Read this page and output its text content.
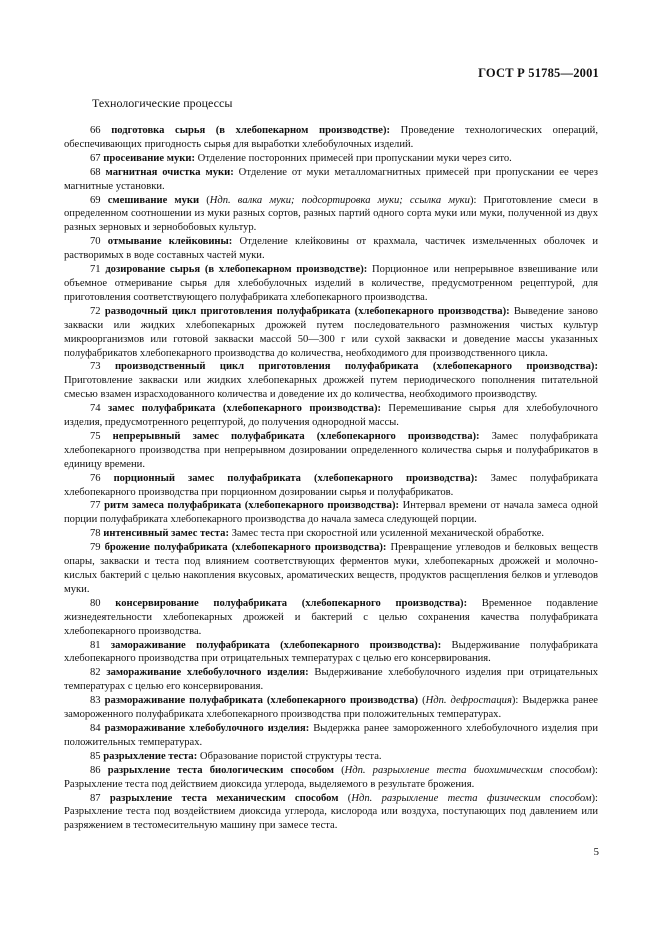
ГОСТ Р 51785—2001
Технологические процессы

66 подготовка сырья (в хлебопекарном производстве): Проведение технологических операций, обеспечивающих пригодность сырья для выработки хлебобулочных изделий.

67 просеивание муки: Отделение посторонних примесей при пропускании муки через сито.

68 магнитная очистка муки: Отделение от муки металломагнитных примесей при пропускании ее через магнитные установки.

69 смешивание муки (Ндп. валка муки; подсортировка муки; ссылка муки): Приготовление смеси в определенном соотношении из муки разных сортов, разных партий одного сорта муки или муки, полученной из двух разных зерновых и зернобобовых культур.

70 отмывание клейковины: Отделение клейковины от крахмала, частичек измельченных оболочек и растворимых в воде составных частей муки.

71 дозирование сырья (в хлебопекарном производстве): Порционное или непрерывное взвешивание или объемное отмеривание сырья для хлебобулочных изделий в количестве, предусмотренном рецептурой, для приготовления соответствующего полуфабриката хлебопекарного производства.

72 разводочный цикл приготовления полуфабриката (хлебопекарного производства): Выведение заново закваски или жидких хлебопекарных дрожжей путем последовательного размножения чистых культур микроорганизмов или готовой закваски массой 50—300 г или сухой закваски и доведение массы указанных полуфабрикатов хлебопекарного производства до количества, необходимого для производственного цикла.

73 производственный цикл приготовления полуфабриката (хлебопекарного производства): Приготовление закваски или жидких хлебопекарных дрожжей путем периодического пополнения питательной смесью взамен израсходованного количества и доведение их до количества, необходимого производству.

74 замес полуфабриката (хлебопекарного производства): Перемешивание сырья для хлебобулочного изделия, предусмотренного рецептурой, до получения однородной массы.

75 непрерывный замес полуфабриката (хлебопекарного производства): Замес полуфабриката хлебопекарного производства при непрерывном дозировании определенного количества сырья и полуфабрикатов в единицу времени.

76 порционный замес полуфабриката (хлебопекарного производства): Замес полуфабриката хлебопекарного производства при порционном дозировании сырья и полуфабрикатов.

77 ритм замеса полуфабриката (хлебопекарного производства): Интервал времени от начала замеса одной порции полуфабриката хлебопекарного производства до начала замеса следующей порции.

78 интенсивный замес теста: Замес теста при скоростной или усиленной механической обработке.

79 брожение полуфабриката (хлебопекарного производства): Превращение углеводов и белковых веществ опары, закваски и теста под влиянием соответствующих ферментов муки, хлебопекарных дрожжей и молочно-кислых бактерий с целью накопления вкусовых, ароматических веществ, продуктов расщепления белков и углеводов муки.

80 консервирование полуфабриката (хлебопекарного производства): Временное подавление жизнедеятельности хлебопекарных дрожжей и бактерий с целью сохранения качества полуфабриката хлебопекарного производства.

81 замораживание полуфабриката (хлебопекарного производства): Выдерживание полуфабриката хлебопекарного производства при отрицательных температурах с целью его консервирования.

82 замораживание хлебобулочного изделия: Выдерживание хлебобулочного изделия при отрицательных температурах с целью его консервирования.

83 размораживание полуфабриката (хлебопекарного производства) (Ндп. дефростация): Выдержка ранее замороженного полуфабриката хлебопекарного производства при положительных температурах.

84 размораживание хлебобулочного изделия: Выдержка ранее замороженного хлебобулочного изделия при положительных температурах.

85 разрыхление теста: Образование пористой структуры теста.

86 разрыхление теста биологическим способом (Ндп. разрыхление теста биохимическим способом): Разрыхление теста под действием диоксида углерода, выделяемого в результате брожения.

87 разрыхление теста механическим способом (Ндп. разрыхление теста физическим способом): Разрыхление теста под воздействием диоксида углерода, кислорода или воздуха, поступающих под давлением или разряжением в тестомесительную машину при замесе теста.

5
